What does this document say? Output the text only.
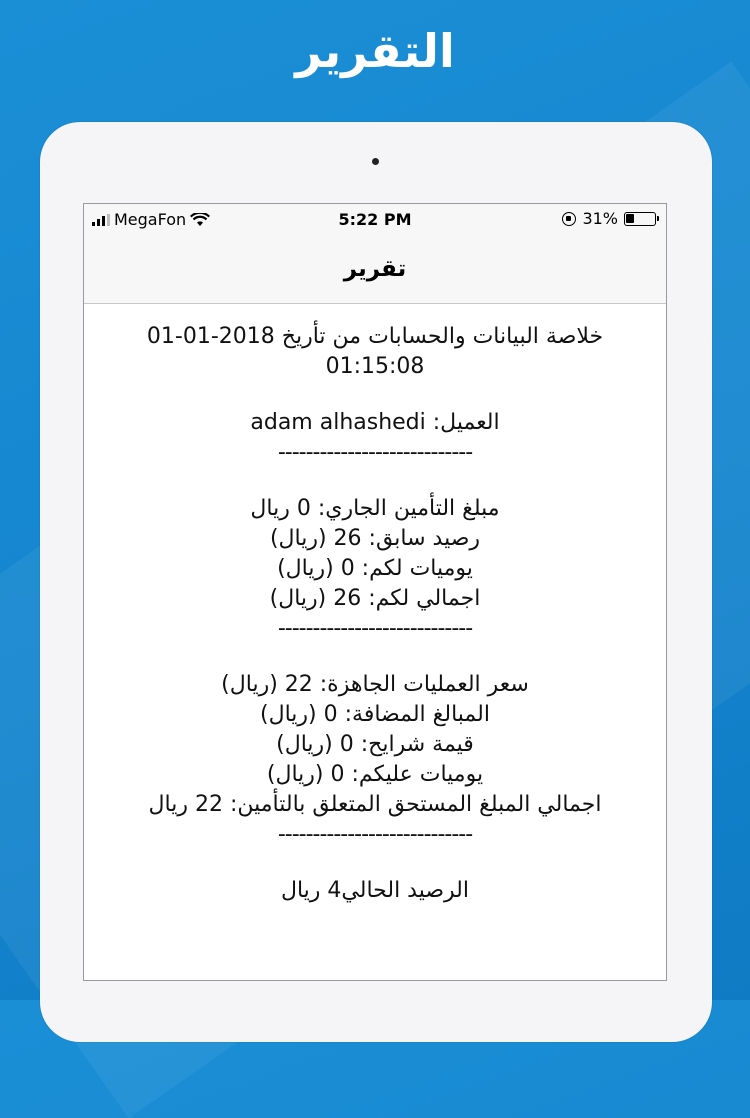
التقرير
MegaFon	5:22 PM	31%
تقرير
خلاصة البيانات والحسابات من تأريخ 2018-01-01
01:15:08
العميل: adam alhashedi
----------------------------
مبلغ التأمين الجاري: 0 ريال
رصيد سابق: 26 (ريال)
يوميات لكم: 0 (ريال)
اجمالي لكم: 26 (ريال)
----------------------------
سعر العمليات الجاهزة: 22 (ريال)
المبالغ المضافة: 0 (ريال)
قيمة شرايح: 0 (ريال)
يوميات عليكم: 0 (ريال)
اجمالي المبلغ المستحق المتعلق بالتأمين: 22 ريال
----------------------------
الرصيد الحالي4 ريال
